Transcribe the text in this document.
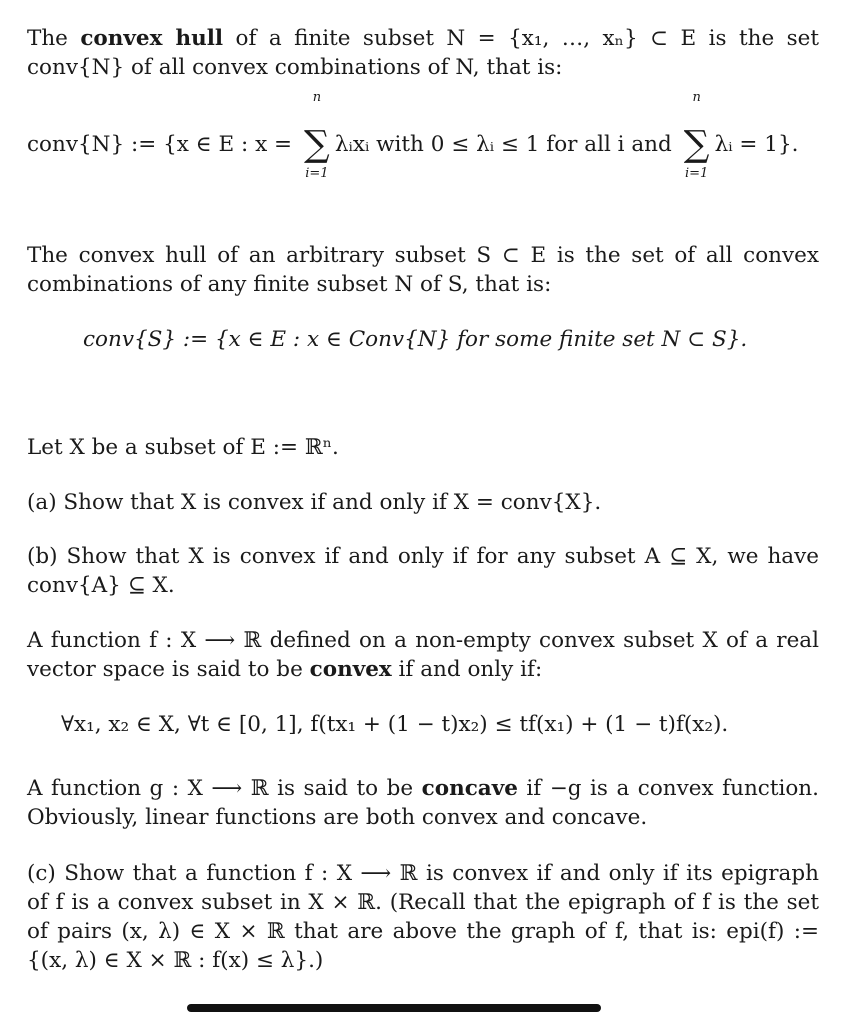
The convex hull of a finite subset N = {x₁, …, xₙ} ⊂ E is the set conv{N} of all convex combinations of N, that is:

conv{N} := {x ∈ E : x =
n
∑
i=1
λᵢxᵢ with 0 ≤ λᵢ ≤ 1 for all i and
n
∑
i=1
λᵢ = 1}.

The convex hull of an arbitrary subset S ⊂ E is the set of all convex combinations of any finite subset N of S, that is:

conv{S} := {x ∈ E : x ∈ Conv{N} for some finite set N ⊂ S}.

Let X be a subset of E := ℝⁿ.

(a) Show that X is convex if and only if X = conv{X}.

(b) Show that X is convex if and only if for any subset A ⊆ X, we have conv{A} ⊆ X.

A function f : X ⟶ ℝ defined on a non-empty convex subset X of a real vector space is said to be convex if and only if:

∀x₁, x₂ ∈ X, ∀t ∈ [0, 1], f(tx₁ + (1 − t)x₂) ≤ tf(x₁) + (1 − t)f(x₂).

A function g : X ⟶ ℝ is said to be concave if −g is a convex function. Obviously, linear functions are both convex and concave.

(c) Show that a function f : X ⟶ ℝ is convex if and only if its epigraph of f is a convex subset in X × ℝ. (Recall that the epigraph of f is the set of pairs (x, λ) ∈ X × ℝ that are above the graph of f, that is: epi(f) := {(x, λ) ∈ X × ℝ : f(x) ≤ λ}.)
